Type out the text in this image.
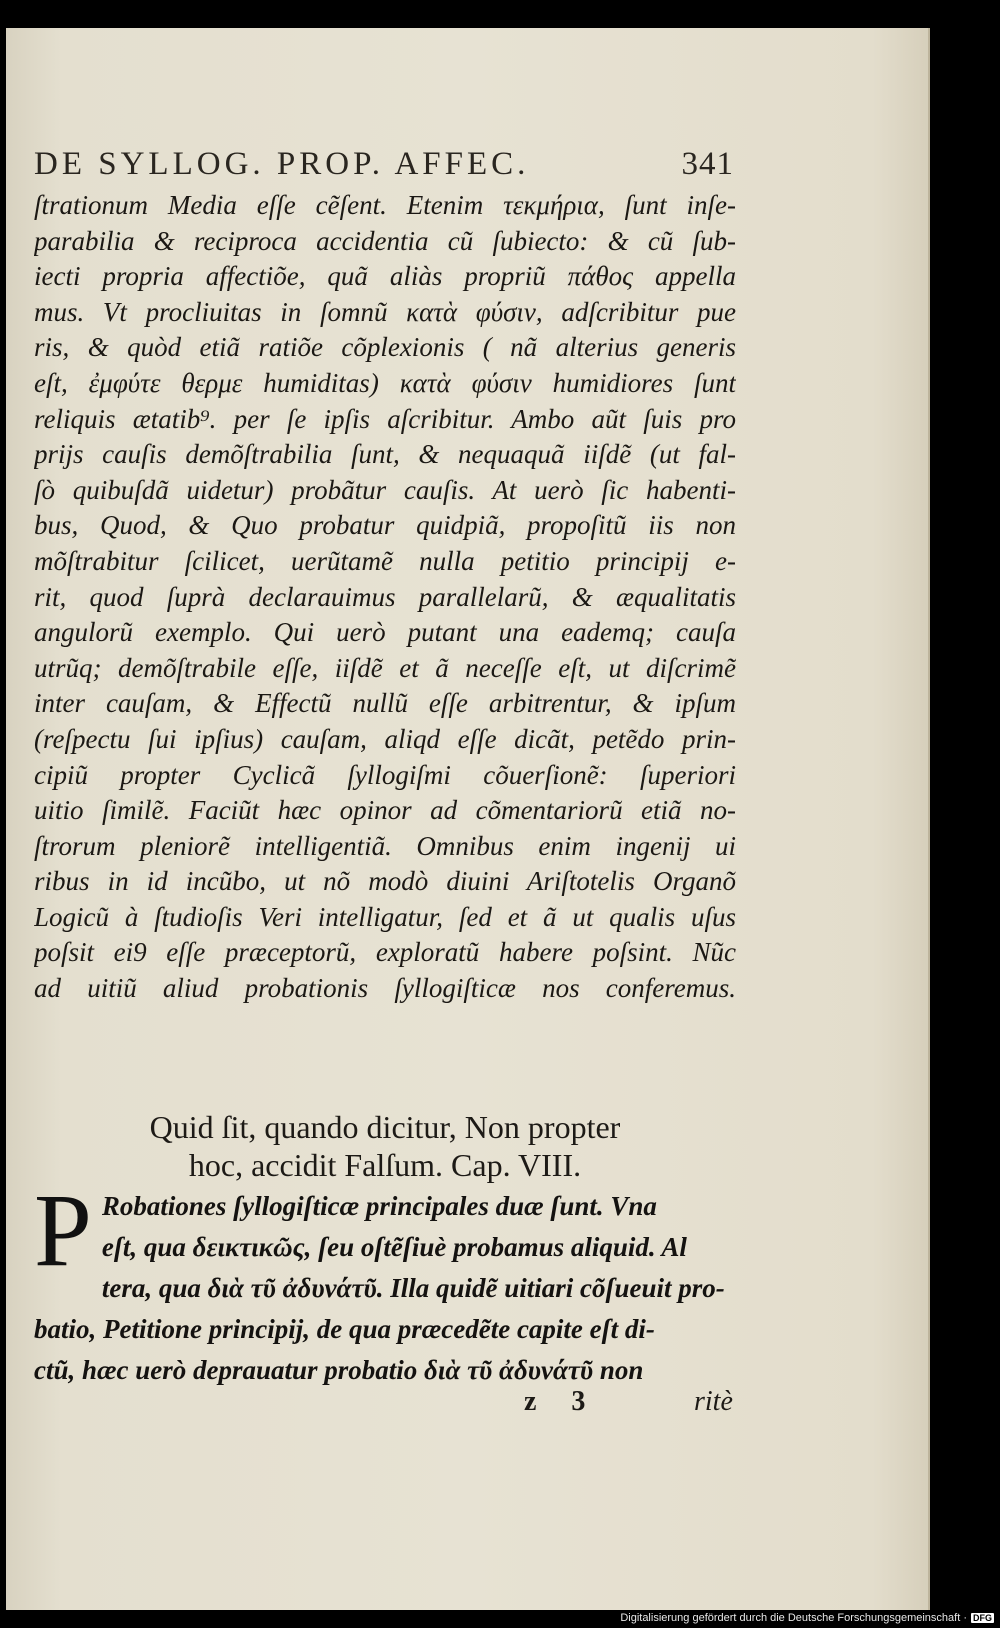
DE SYLLOG. PROP. AFFEC.	341
ſtrationum Media eſſe cẽſent. Etenim τεκμήρια, ſunt inſe-
parabilia & reciproca accidentia cũ ſubiecto: & cũ ſub-
iecti propria affectiõe, quã aliàs propriũ πάθος appella
mus. Vt procliuitas in ſomnũ κατὰ φύσιν, adſcribitur pue
ris, & quòd etiã ratiõe cõplexionis ( nã alterius generis
eſt, ἐμφύτε θερμε humiditas) κατὰ φύσιν humidiores ſunt
reliquis ætatib⁹. per ſe ipſis aſcribitur. Ambo aũt ſuis pro
prijs cauſis demõſtrabilia ſunt, & nequaquã iiſdẽ (ut fal-
ſò quibuſdã uidetur) probãtur cauſis. At uerò ſic habenti-
bus, Quod, & Quo probatur quidpiã, propoſitũ iis non
mõſtrabitur ſcilicet, uerũtamẽ nulla petitio principij e-
rit, quod ſuprà declarauimus parallelarũ, & æqualitatis
angulorũ exemplo. Qui uerò putant una eademq; cauſa
utrũq; demõſtrabile eſſe, iiſdẽ et ã neceſſe eſt, ut diſcrimẽ
inter cauſam, & Effectũ nullũ eſſe arbitrentur, & ipſum
(reſpectu ſui ipſius) cauſam, aliqd eſſe dicãt, petẽdo prin-
cipiũ propter Cyclicã ſyllogiſmi cõuerſionẽ: ſuperiori
uitio ſimilẽ. Faciũt hæc opinor ad cõmentariorũ etiã no-
ſtrorum pleniorẽ intelligentiã. Omnibus enim ingenij ui
ribus in id incũbo, ut nõ modò diuini Ariſtotelis Organõ
Logicũ à ſtudioſis Veri intelligatur, ſed et ã ut qualis uſus
poſsit ei9 eſſe præceptorũ, exploratũ habere poſsint. Nũc
ad uitiũ aliud probationis ſyllogiſticæ nos conferemus.
Quid ſit, quando dicitur, Non propter
hoc, accidit Falſum. Cap. VIII.
P Robationes ſyllogiſticæ principales duæ ſunt. Vna
eſt, qua δεικτικῶς, ſeu oſtẽſiuè probamus aliquid. Al
tera, qua διὰ τῦ ἀδυνάτῦ. Illa quidẽ uitiari cõſueuit pro-
batio, Petitione principij, de qua præcedẽte capite eſt di-
ctũ, hæc uerò deprauatur probatio διὰ τῦ ἀδυνάτῦ non
z 3	ritè
Digitalisierung gefördert durch die Deutsche Forschungsgemeinschaft · DFG
